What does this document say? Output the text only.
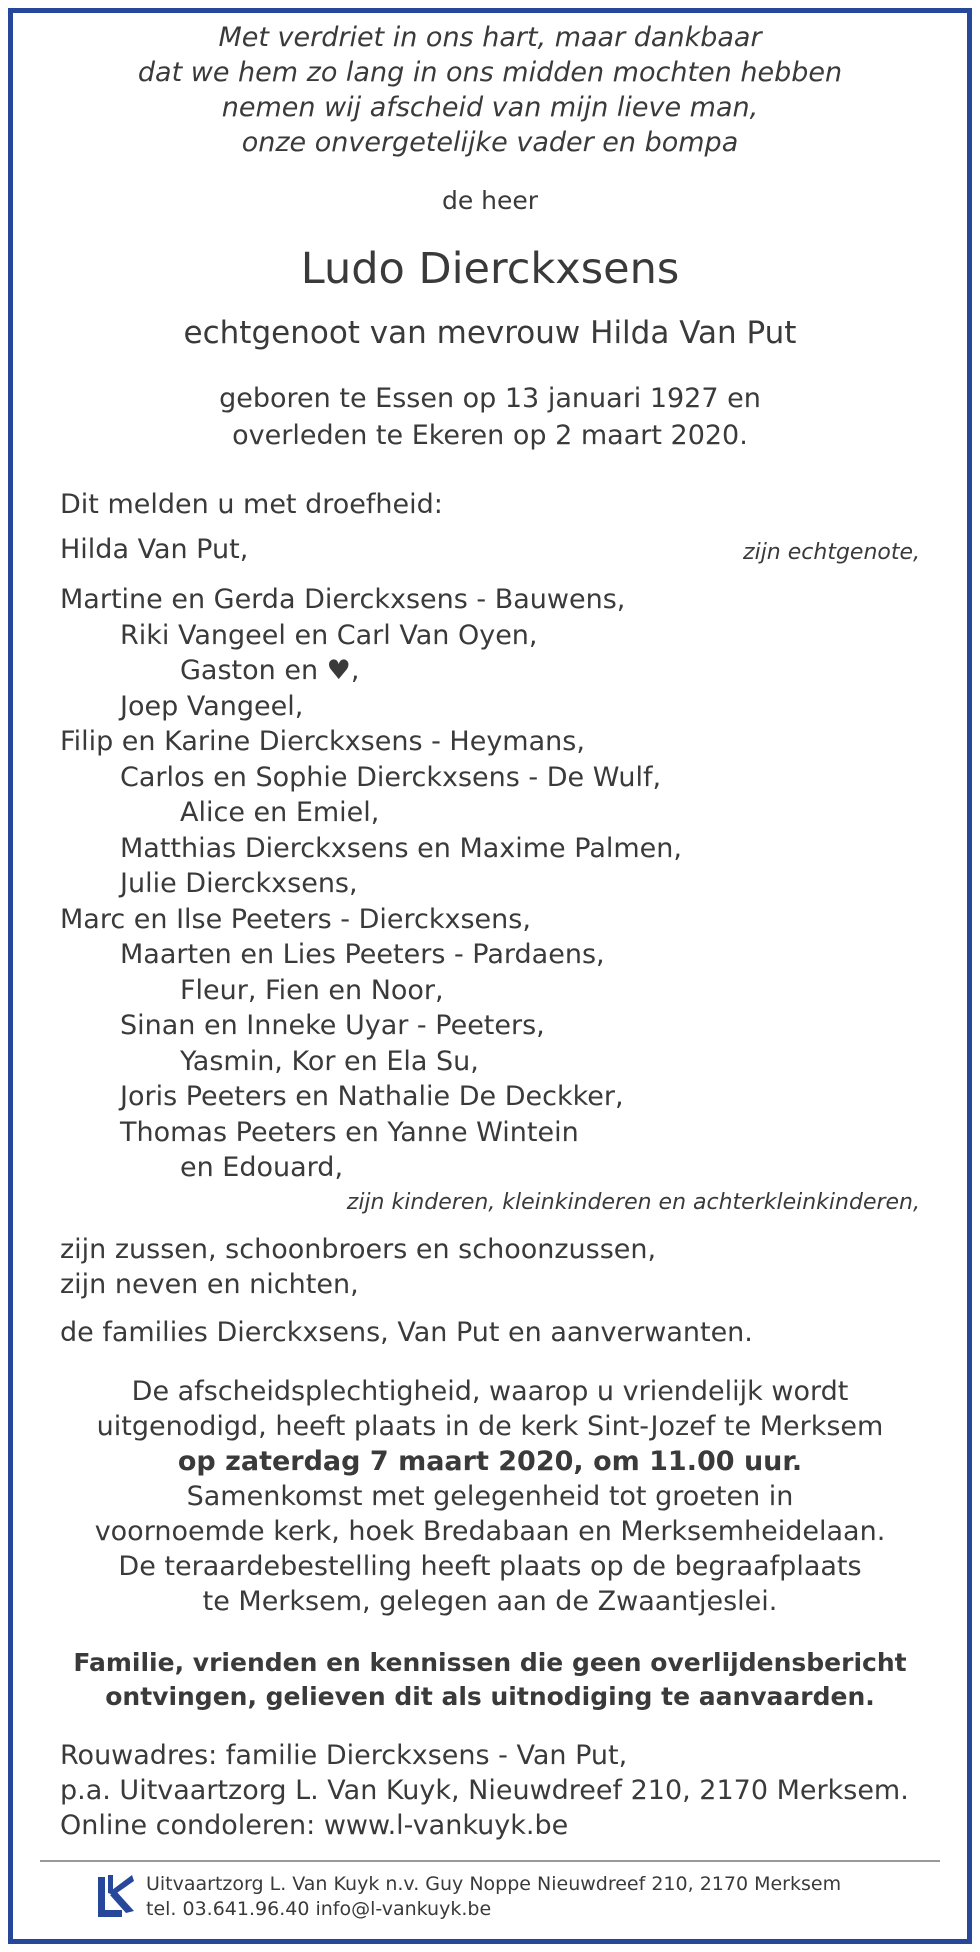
Met verdriet in ons hart, maar dankbaar
dat we hem zo lang in ons midden mochten hebben
nemen wij afscheid van mijn lieve man,
onze onvergetelijke vader en bompa
de heer
Ludo Dierckxsens
echtgenoot van mevrouw Hilda Van Put
geboren te Essen op 13 januari 1927 en
overleden te Ekeren op 2 maart 2020.
Dit melden u met droefheid:
Hilda Van Put,	zijn echtgenote,
Martine en Gerda Dierckxsens - Bauwens,
Riki Vangeel en Carl Van Oyen,
Gaston en ♥,
Joep Vangeel,
Filip en Karine Dierckxsens - Heymans,
Carlos en Sophie Dierckxsens - De Wulf,
Alice en Emiel,
Matthias Dierckxsens en Maxime Palmen,
Julie Dierckxsens,
Marc en Ilse Peeters - Dierckxsens,
Maarten en Lies Peeters - Pardaens,
Fleur, Fien en Noor,
Sinan en Inneke Uyar - Peeters,
Yasmin, Kor en Ela Su,
Joris Peeters en Nathalie De Deckker,
Thomas Peeters en Yanne Wintein
en Edouard,
zijn kinderen, kleinkinderen en achterkleinkinderen,
zijn zussen, schoonbroers en schoonzussen,
zijn neven en nichten,
de families Dierckxsens, Van Put en aanverwanten.
De afscheidsplechtigheid, waarop u vriendelijk wordt
uitgenodigd, heeft plaats in de kerk Sint-Jozef te Merksem
op zaterdag 7 maart 2020, om 11.00 uur.
Samenkomst met gelegenheid tot groeten in
voornoemde kerk, hoek Bredabaan en Merksemheidelaan.
De teraardebestelling heeft plaats op de begraafplaats
te Merksem, gelegen aan de Zwaantjeslei.
Familie, vrienden en kennissen die geen overlijdensbericht
ontvingen, gelieven dit als uitnodiging te aanvaarden.
Rouwadres: familie Dierckxsens - Van Put,
p.a. Uitvaartzorg L. Van Kuyk, Nieuwdreef 210, 2170 Merksem.
Online condoleren: www.l-vankuyk.be
Uitvaartzorg L. Van Kuyk n.v. Guy Noppe Nieuwdreef 210, 2170 Merksem
tel. 03.641.96.40 info@l-vankuyk.be
